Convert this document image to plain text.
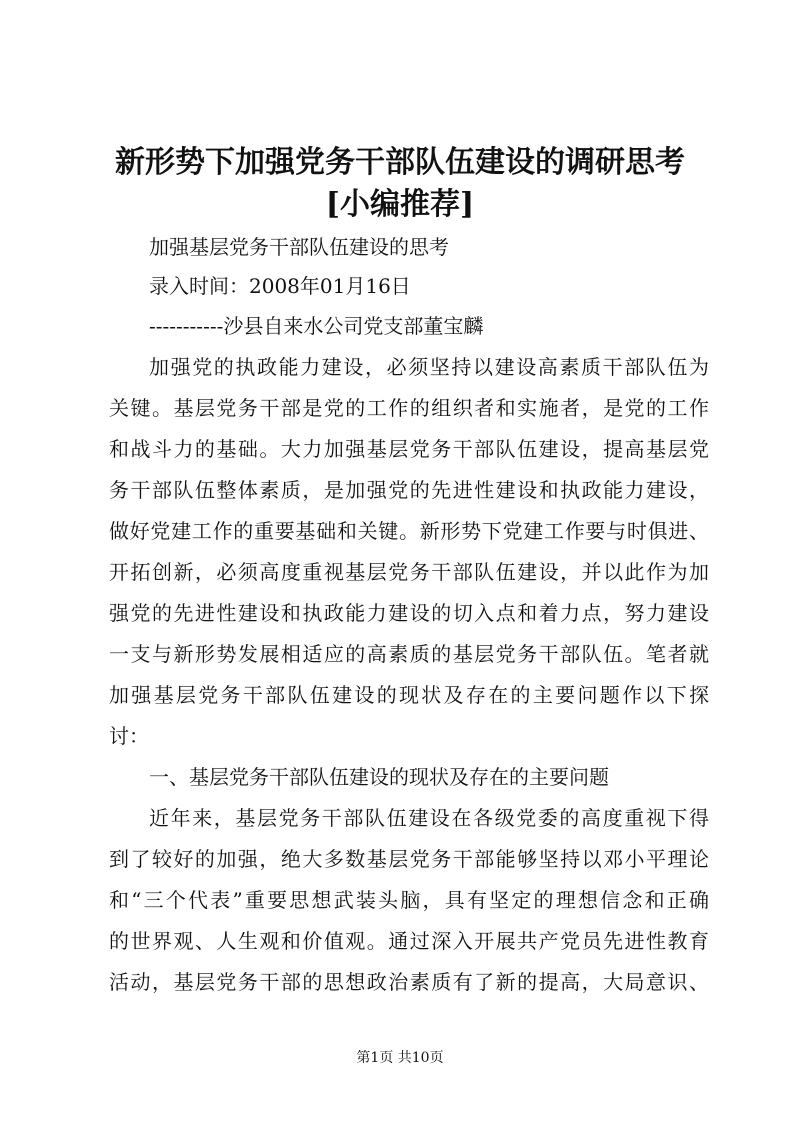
新形势下加强党务干部队伍建设的调研思考
[小编推荐]

加强基层党务干部队伍建设的思考

录入时间：2008年01月16日

-----------沙县自来水公司党支部董宝麟

加强党的执政能力建设，必须坚持以建设高素质干部队伍为

关键。基层党务干部是党的工作的组织者和实施者，是党的工作

和战斗力的基础。大力加强基层党务干部队伍建设，提高基层党

务干部队伍整体素质，是加强党的先进性建设和执政能力建设，

做好党建工作的重要基础和关键。新形势下党建工作要与时俱进、

开拓创新，必须高度重视基层党务干部队伍建设，并以此作为加

强党的先进性建设和执政能力建设的切入点和着力点，努力建设

一支与新形势发展相适应的高素质的基层党务干部队伍。笔者就

加强基层党务干部队伍建设的现状及存在的主要问题作以下探

讨：

一、基层党务干部队伍建设的现状及存在的主要问题

近年来，基层党务干部队伍建设在各级党委的高度重视下得

到了较好的加强，绝大多数基层党务干部能够坚持以邓小平理论

和“三个代表”重要思想武装头脑，具有坚定的理想信念和正确

的世界观、人生观和价值观。通过深入开展共产党员先进性教育

活动，基层党务干部的思想政治素质有了新的提高，大局意识、

第1页 共10页
